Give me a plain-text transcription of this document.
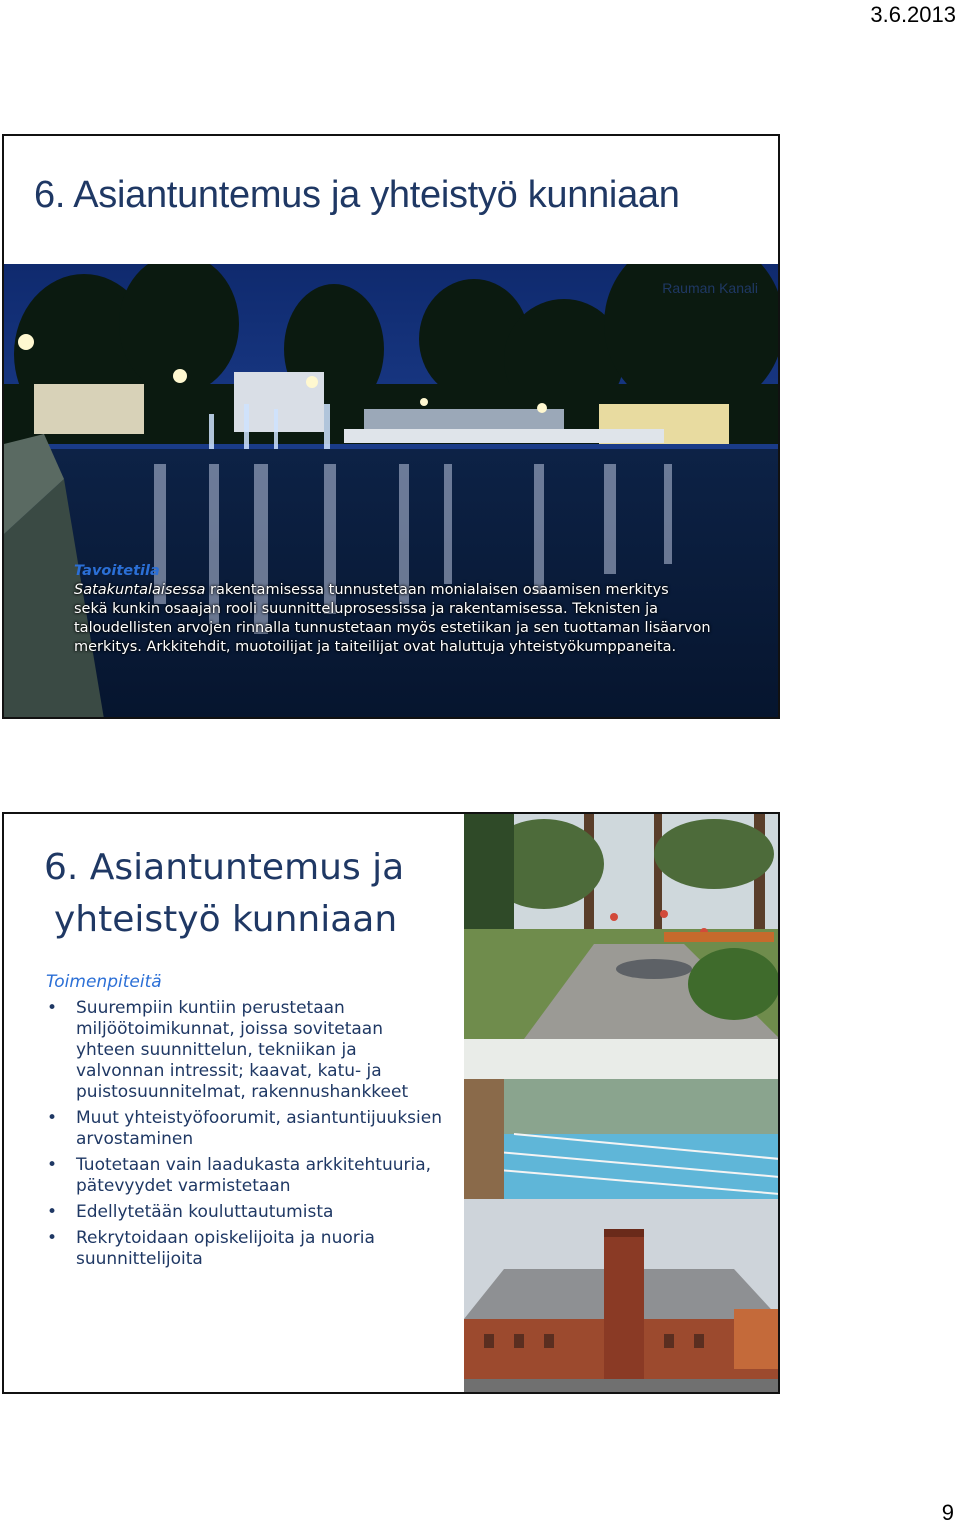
3.6.2013
6. Asiantuntemus ja yhteistyö kunniaan
Rauman Kanali
Tavoitetila
Satakuntalaisessa rakentamisessa tunnustetaan monialaisen osaamisen merkitys
sekä kunkin osaajan rooli suunnitteluprosessissa ja rakentamisessa. Teknisten ja taloudellisten arvojen rinnalla tunnustetaan myös estetiikan ja sen tuottaman lisäarvon merkitys. Arkkitehdit, muotoilijat ja taiteilijat ovat haluttuja yhteistyökumppaneita.
6. Asiantuntemus ja
yhteistyö kunniaan
Toimenpiteitä
• Suurempiin kuntiin perustetaan miljöötoimikunnat, joissa sovitetaan yhteen suunnittelun, tekniikan ja valvonnan intressit; kaavat, katu- ja puistosuunnitelmat, rakennushankkeet
• Muut yhteistyöfoorumit, asiantuntijuuksien arvostaminen
• Tuotetaan vain laadukasta arkkitehtuuria, pätevyydet varmistetaan
• Edellytetään kouluttautumista
• Rekrytoidaan opiskelijoita ja nuoria suunnittelijoita
9
